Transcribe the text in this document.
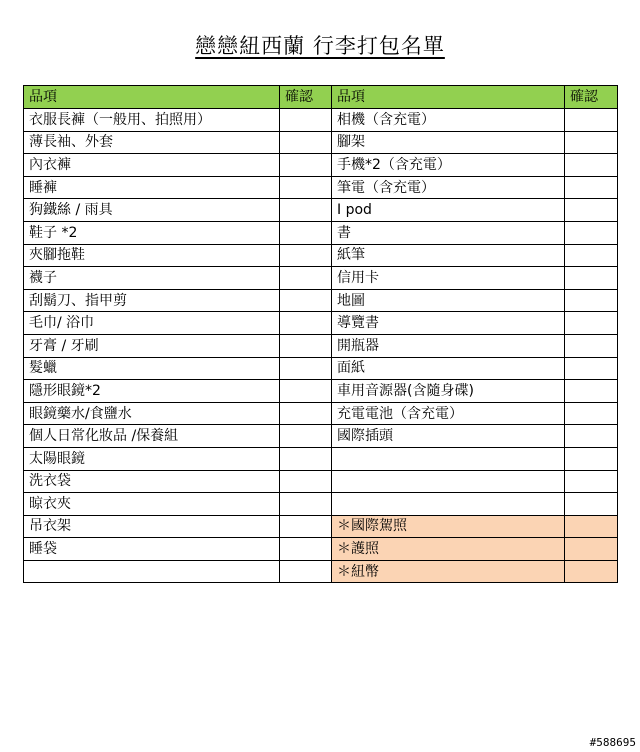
戀戀紐西蘭 行李打包名單
品項	確認	品項	確認
衣服長褲（一般用、拍照用）		相機（含充電）	
薄長袖、外套		腳架	
內衣褲		手機*2（含充電）	
睡褲		筆電（含充電）	
狗鐵絲 / 雨具		I pod	
鞋子 *2		書	
夾腳拖鞋		紙筆	
襪子		信用卡	
刮鬍刀、指甲剪		地圖	
毛巾/ 浴巾		導覽書	
牙膏 / 牙刷		開瓶器	
髮蠟		面紙	
隱形眼鏡*2		車用音源器(含隨身碟)	
眼鏡藥水/食鹽水		充電電池（含充電）	
個人日常化妝品 /保養組		國際插頭	
太陽眼鏡			
洗衣袋			
晾衣夾			
吊衣架		＊國際駕照	
睡袋		＊護照	
		＊紐幣	
#588695
